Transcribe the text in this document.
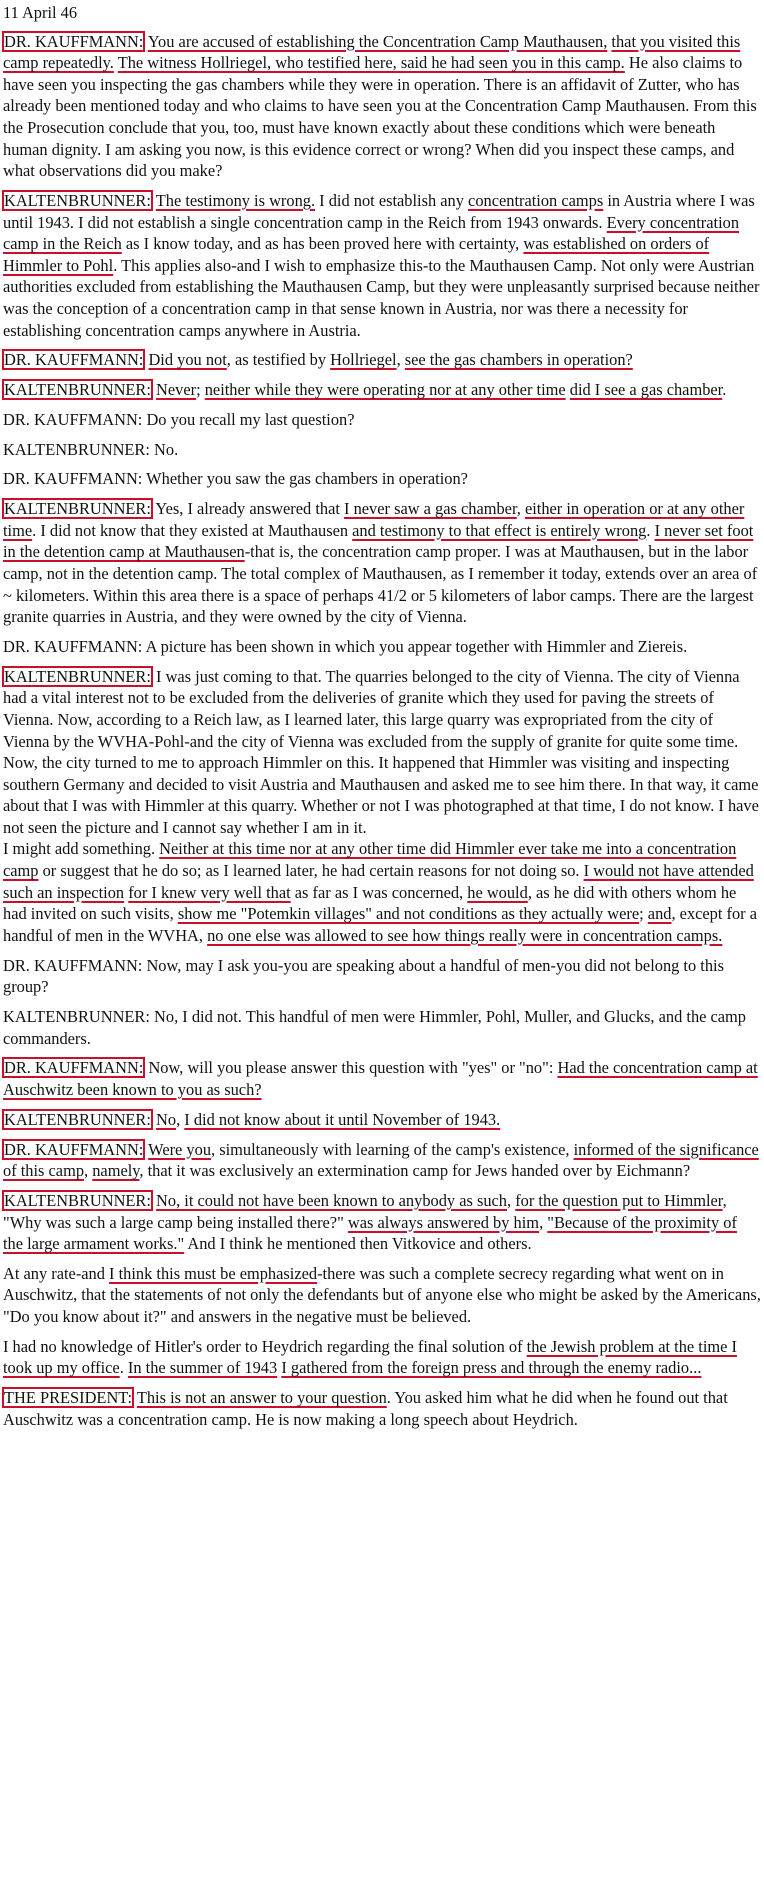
11 April 46

DR. KAUFFMANN: You are accused of establishing the Concentration Camp Mauthausen, that you visited this camp repeatedly. The witness Hollriegel, who testified here, said he had seen you in this camp. He also claims to have seen you inspecting the gas chambers while they were in operation. There is an affidavit of Zutter, who has already been mentioned today and who claims to have seen you at the Concentration Camp Mauthausen. From this the Prosecution conclude that you, too, must have known exactly about these conditions which were beneath human dignity. I am asking you now, is this evidence correct or wrong? When did you inspect these camps, and what observations did you make?

KALTENBRUNNER: The testimony is wrong. I did not establish any concentration camps in Austria where I was until 1943. I did not establish a single concentration camp in the Reich from 1943 onwards. Every concentration camp in the Reich as I know today, and as has been proved here with certainty, was established on orders of Himmler to Pohl. This applies also-and I wish to emphasize this-to the Mauthausen Camp. Not only were Austrian authorities excluded from establishing the Mauthausen Camp, but they were unpleasantly surprised because neither was the conception of a concentration camp in that sense known in Austria, nor was there a necessity for establishing concentration camps anywhere in Austria.

DR. KAUFFMANN: Did you not, as testified by Hollriegel, see the gas chambers in operation?

KALTENBRUNNER: Never; neither while they were operating nor at any other time did I see a gas chamber.

DR. KAUFFMANN: Do you recall my last question?

KALTENBRUNNER: No.

DR. KAUFFMANN: Whether you saw the gas chambers in operation?

KALTENBRUNNER: Yes, I already answered that I never saw a gas chamber, either in operation or at any other time. I did not know that they existed at Mauthausen and testimony to that effect is entirely wrong. I never set foot in the detention camp at Mauthausen-that is, the concentration camp proper. I was at Mauthausen, but in the labor camp, not in the detention camp. The total complex of Mauthausen, as I remember it today, extends over an area of ~ kilometers. Within this area there is a space of perhaps 41/2 or 5 kilometers of labor camps. There are the largest granite quarries in Austria, and they were owned by the city of Vienna.

DR. KAUFFMANN: A picture has been shown in which you appear together with Himmler and Ziereis.

KALTENBRUNNER: I was just coming to that. The quarries belonged to the city of Vienna. The city of Vienna had a vital interest not to be excluded from the deliveries of granite which they used for paving the streets of Vienna. Now, according to a Reich law, as I learned later, this large quarry was expropriated from the city of Vienna by the WVHA-Pohl-and the city of Vienna was excluded from the supply of granite for quite some time. Now, the city turned to me to approach Himmler on this. It happened that Himmler was visiting and inspecting southern Germany and decided to visit Austria and Mauthausen and asked me to see him there. In that way, it came about that I was with Himmler at this quarry. Whether or not I was photographed at that time, I do not know. I have not seen the picture and I cannot say whether I am in it.

I might add something. Neither at this time nor at any other time did Himmler ever take me into a concentration camp or suggest that he do so; as I learned later, he had certain reasons for not doing so. I would not have attended such an inspection for I knew very well that as far as I was concerned, he would, as he did with others whom he had invited on such visits, show me "Potemkin villages" and not conditions as they actually were; and, except for a handful of men in the WVHA, no one else was allowed to see how things really were in concentration camps.

DR. KAUFFMANN: Now, may I ask you-you are speaking about a handful of men-you did not belong to this group?

KALTENBRUNNER: No, I did not. This handful of men were Himmler, Pohl, Muller, and Glucks, and the camp commanders.

DR. KAUFFMANN: Now, will you please answer this question with "yes" or "no": Had the concentration camp at Auschwitz been known to you as such?

KALTENBRUNNER: No, I did not know about it until November of 1943.

DR. KAUFFMANN: Were you, simultaneously with learning of the camp's existence, informed of the significance of this camp, namely, that it was exclusively an extermination camp for Jews handed over by Eichmann?

KALTENBRUNNER: No, it could not have been known to anybody as such, for the question put to Himmler, "Why was such a large camp being installed there?" was always answered by him, "Because of the proximity of the large armament works." And I think he mentioned then Vitkovice and others.

At any rate-and I think this must be emphasized-there was such a complete secrecy regarding what went on in Auschwitz, that the statements of not only the defendants but of anyone else who might be asked by the Americans, "Do you know about it?" and answers in the negative must be believed.

I had no knowledge of Hitler's order to Heydrich regarding the final solution of the Jewish problem at the time I took up my office. In the summer of 1943 I gathered from the foreign press and through the enemy radio...

THE PRESIDENT: This is not an answer to your question. You asked him what he did when he found out that Auschwitz was a concentration camp. He is now making a long speech about Heydrich.
